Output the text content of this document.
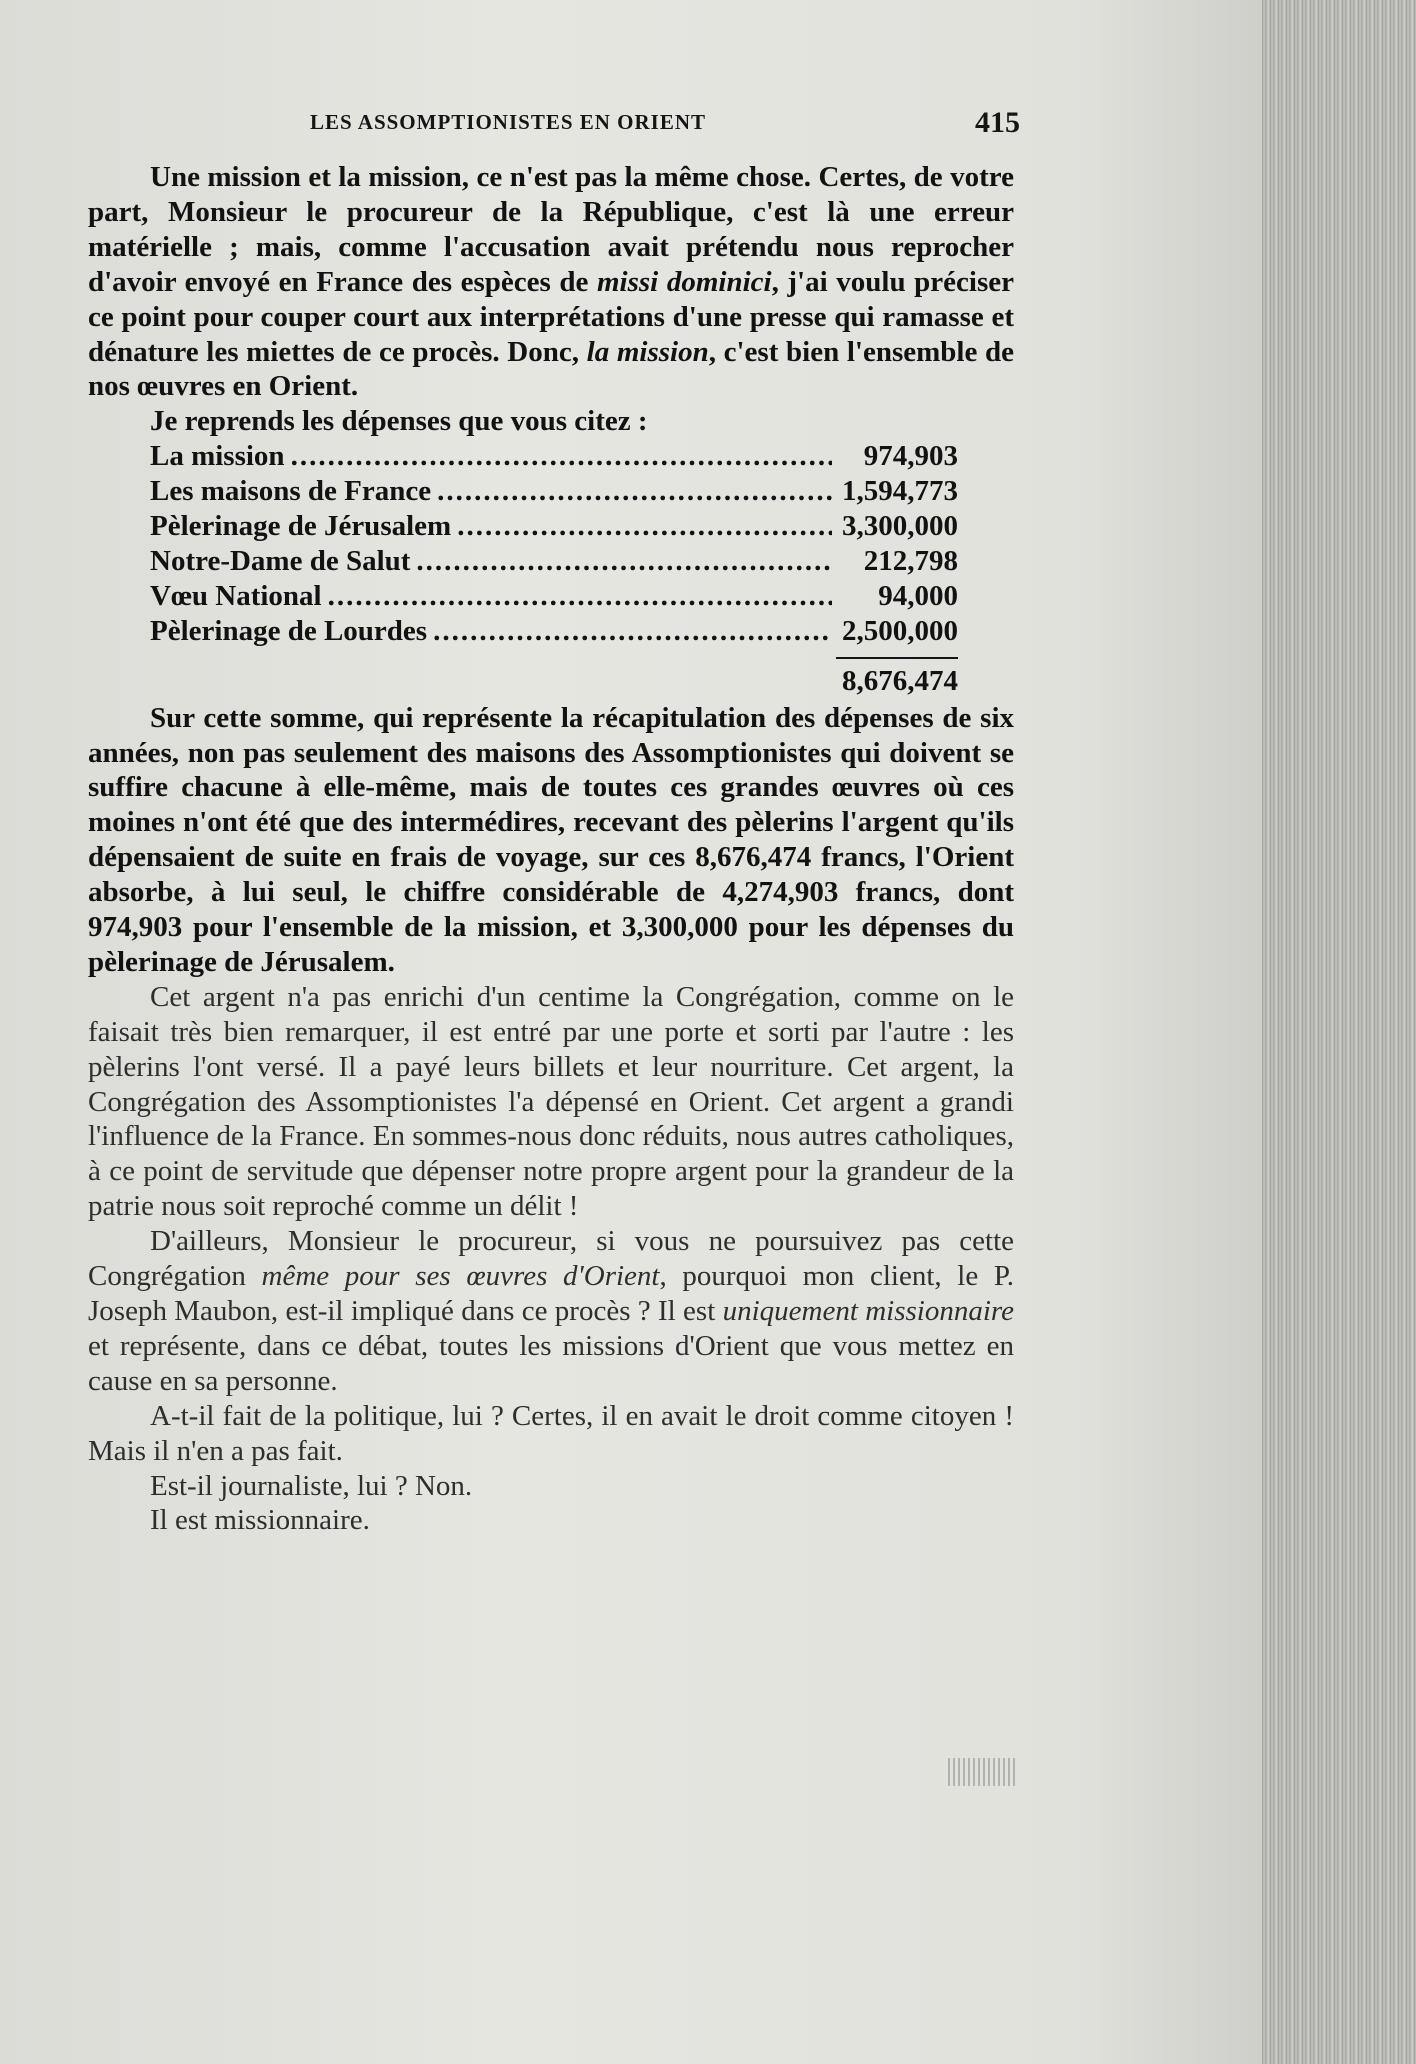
LES ASSOMPTIONISTES EN ORIENT	415

Une mission et la mission, ce n'est pas la même chose. Certes, de votre part, Monsieur le procureur de la République, c'est là une erreur matérielle ; mais, comme l'accusation avait prétendu nous reprocher d'avoir envoyé en France des espèces de missi dominici, j'ai voulu préciser ce point pour couper court aux interprétations d'une presse qui ramasse et dénature les miettes de ce procès. Donc, la mission, c'est bien l'ensemble de nos œuvres en Orient.

Je reprends les dépenses que vous citez :
La mission .....	974,903
Les maisons de France .....	1,594,773
Pèlerinage de Jérusalem .....	3,300,000
Notre-Dame de Salut .....	212,798
Vœu National .....	94,000
Pèlerinage de Lourdes .....	2,500,000
8,676,474

Sur cette somme, qui représente la récapitulation des dépenses de six années, non pas seulement des maisons des Assomptionistes qui doivent se suffire chacune à elle-même, mais de toutes ces grandes œuvres où ces moines n'ont été que des intermédires, recevant des pèlerins l'argent qu'ils dépensaient de suite en frais de voyage, sur ces 8,676,474 francs, l'Orient absorbe, à lui seul, le chiffre considérable de 4,274,903 francs, dont 974,903 pour l'ensemble de la mission, et 3,300,000 pour les dépenses du pèlerinage de Jérusalem.

Cet argent n'a pas enrichi d'un centime la Congrégation, comme on le faisait très bien remarquer, il est entré par une porte et sorti par l'autre : les pèlerins l'ont versé. Il a payé leurs billets et leur nourriture. Cet argent, la Congrégation des Assomptionistes l'a dépensé en Orient. Cet argent a grandi l'influence de la France. En sommes-nous donc réduits, nous autres catholiques, à ce point de servitude que dépenser notre propre argent pour la grandeur de la patrie nous soit reproché comme un délit !

D'ailleurs, Monsieur le procureur, si vous ne poursuivez pas cette Congrégation même pour ses œuvres d'Orient, pourquoi mon client, le P. Joseph Maubon, est-il impliqué dans ce procès ? Il est uniquement missionnaire et représente, dans ce débat, toutes les missions d'Orient que vous mettez en cause en sa personne.

A-t-il fait de la politique, lui ? Certes, il en avait le droit comme citoyen ! Mais il n'en a pas fait.

Est-il journaliste, lui ? Non.

Il est missionnaire.
